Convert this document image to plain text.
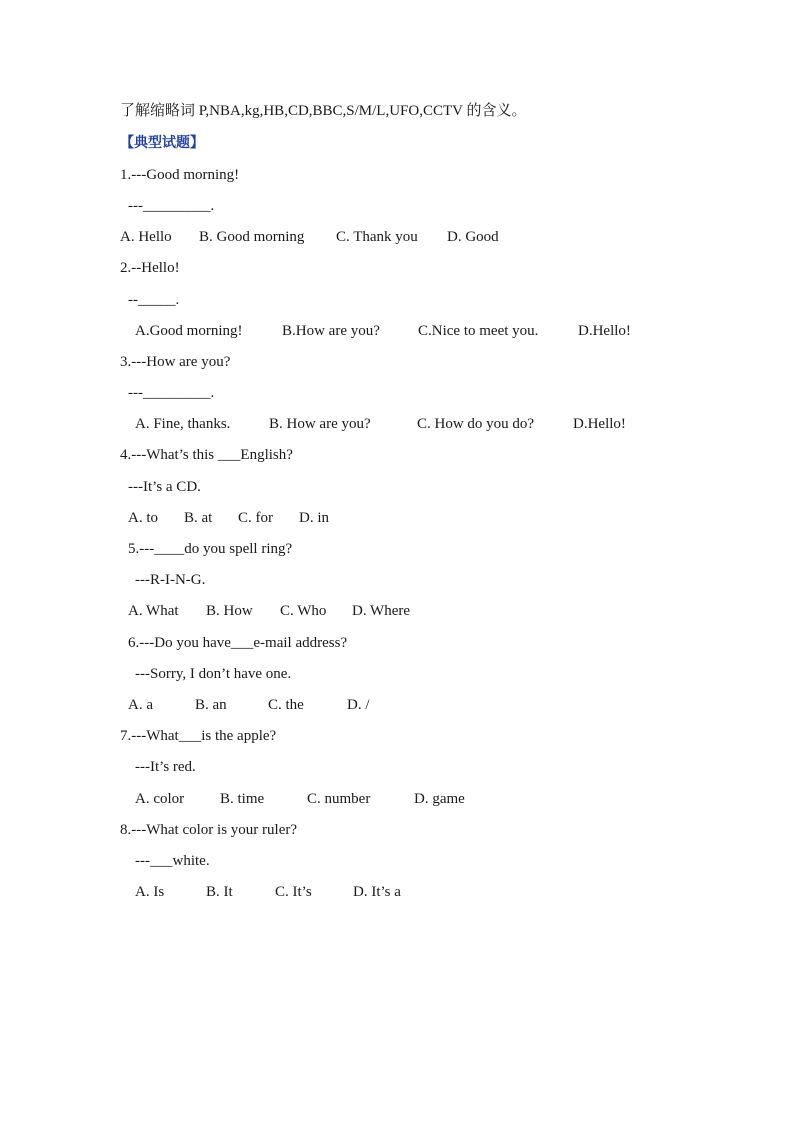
了解缩略词 P,NBA,kg,HB,CD,BBC,S/M/L,UFO,CCTV 的含义。
【典型试题】
1.---Good morning!
---_________.
A. Hello B. Good morning C. Thank you D. Good
2.--Hello!
--_____.
A.Good morning!	B.How are you?	C.Nice to meet you.	D.Hello!
3.---How are you?
---_________.
A. Fine, thanks.	B. How are you?	C. How do you do?	D.Hello!
4.---What’s this ___English?
---It’s a CD.
A. to B. at C. for D. in
5.---____do you spell ring?
---R-I-N-G.
A. What B. How C. Who D. Where
6.---Do you have___e-mail address?
---Sorry, I don’t have one.
A. a	B. an	C. the	D. /
7.---What___is the apple?
---It’s red.
A. color B. time	C. number	D. game
8.---What color is your ruler?
---___white.
A. Is	B. It	C. It’s	D. It’s a
